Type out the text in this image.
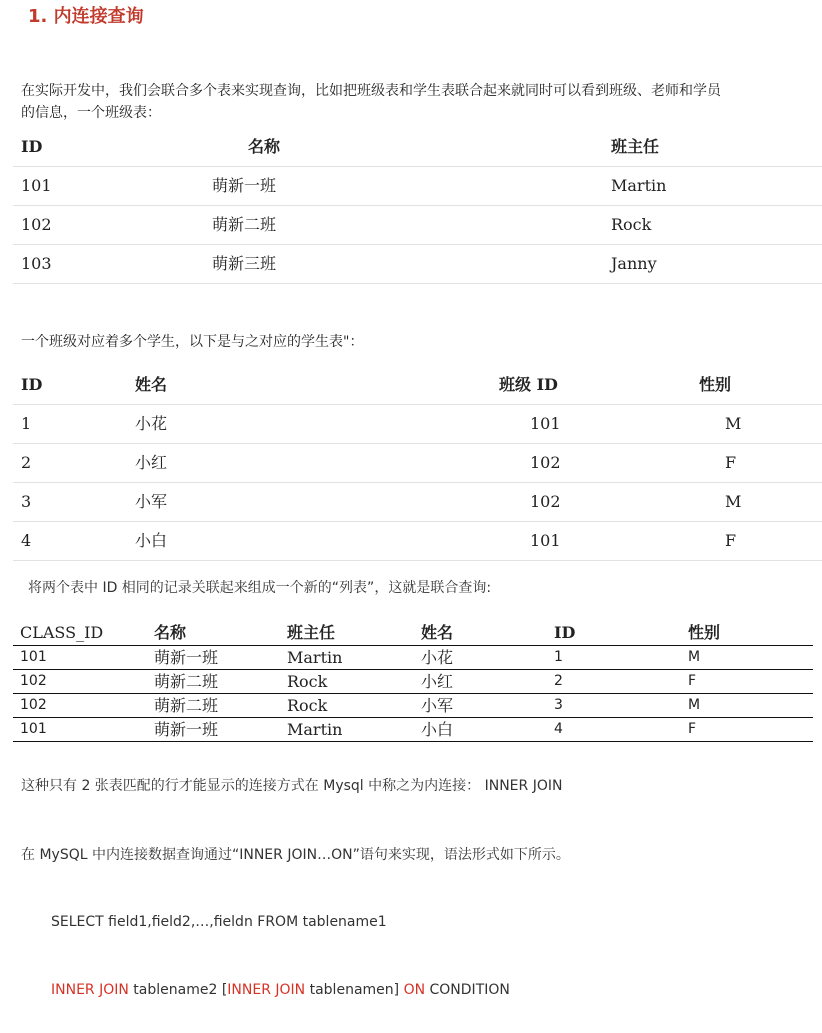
1. 内连接查询
在实际开发中，我们会联合多个表来实现查询，比如把班级表和学生表联合起来就同时可以看到班级、老师和学员
的信息，一个班级表：
ID	名称	班主任
101	萌新一班	Martin
102	萌新二班	Rock
103	萌新三班	Janny
一个班级对应着多个学生，以下是与之对应的学生表"：
ID	姓名	班级 ID	性别
1	小花	101	M
2	小红	102	F
3	小军	102	M
4	小白	101	F
将两个表中 ID 相同的记录关联起来组成一个新的“列表”，这就是联合查询:
CLASS_ID	名称	班主任	姓名	ID	性别
101	萌新一班	Martin	小花	1	M
102	萌新二班	Rock	小红	2	F
102	萌新二班	Rock	小军	3	M
101	萌新一班	Martin	小白	4	F
这种只有 2 张表匹配的行才能显示的连接方式在 Mysql 中称之为内连接： INNER JOIN
在 MySQL 中内连接数据查询通过“INNER JOIN…ON”语句来实现，语法形式如下所示。
SELECT field1,field2,…,fieldn FROM tablename1
INNER JOIN tablename2 [INNER JOIN tablenamen] ON CONDITION
